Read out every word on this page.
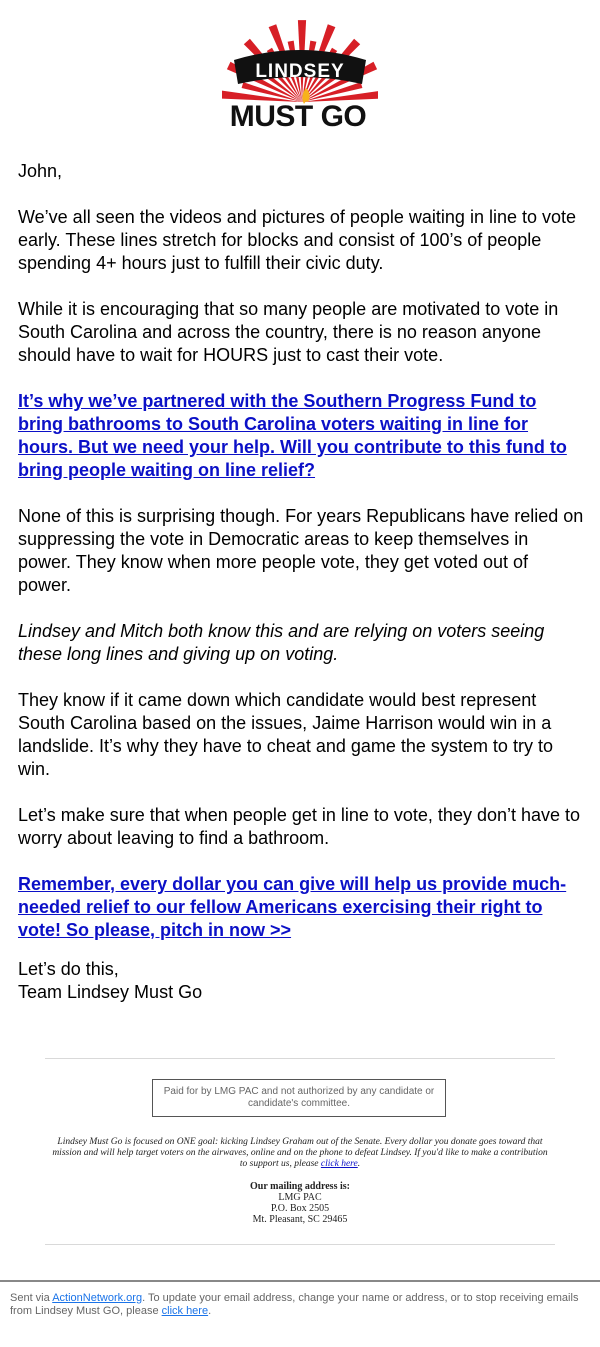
LINDSEY
MUST GO

John,

We’ve all seen the videos and pictures of people waiting in line to vote early. These lines stretch for blocks and consist of 100’s of people spending 4+ hours just to fulfill their civic duty.

While it is encouraging that so many people are motivated to vote in South Carolina and across the country, there is no reason anyone should have to wait for HOURS just to cast their vote.

It’s why we’ve partnered with the Southern Progress Fund to bring bathrooms to South Carolina voters waiting in line for hours. But we need your help. Will you contribute to this fund to bring people waiting on line relief?

None of this is surprising though. For years Republicans have relied on suppressing the vote in Democratic areas to keep themselves in power. They know when more people vote, they get voted out of power.

Lindsey and Mitch both know this and are relying on voters seeing these long lines and giving up on voting.

They know if it came down which candidate would best represent South Carolina based on the issues, Jaime Harrison would win in a landslide. It’s why they have to cheat and game the system to try to win.

Let’s make sure that when people get in line to vote, they don’t have to worry about leaving to find a bathroom.

Remember, every dollar you can give will help us provide much-needed relief to our fellow Americans exercising their right to vote! So please, pitch in now >>

Let’s do this,

Team Lindsey Must Go

Paid for by LMG PAC and not authorized by any candidate or candidate's committee.
Lindsey Must Go is focused on ONE goal: kicking Lindsey Graham out of the Senate. Every dollar you donate goes toward that mission and will help target voters on the airwaves, online and on the phone to defeat Lindsey. If you'd like to make a contribution to support us, please click here.
Our mailing address is:
LMG PAC
P.O. Box 2505
Mt. Pleasant, SC 29465
Sent via ActionNetwork.org. To update your email address, change your name or address, or to stop receiving emails from Lindsey Must GO, please click here.
